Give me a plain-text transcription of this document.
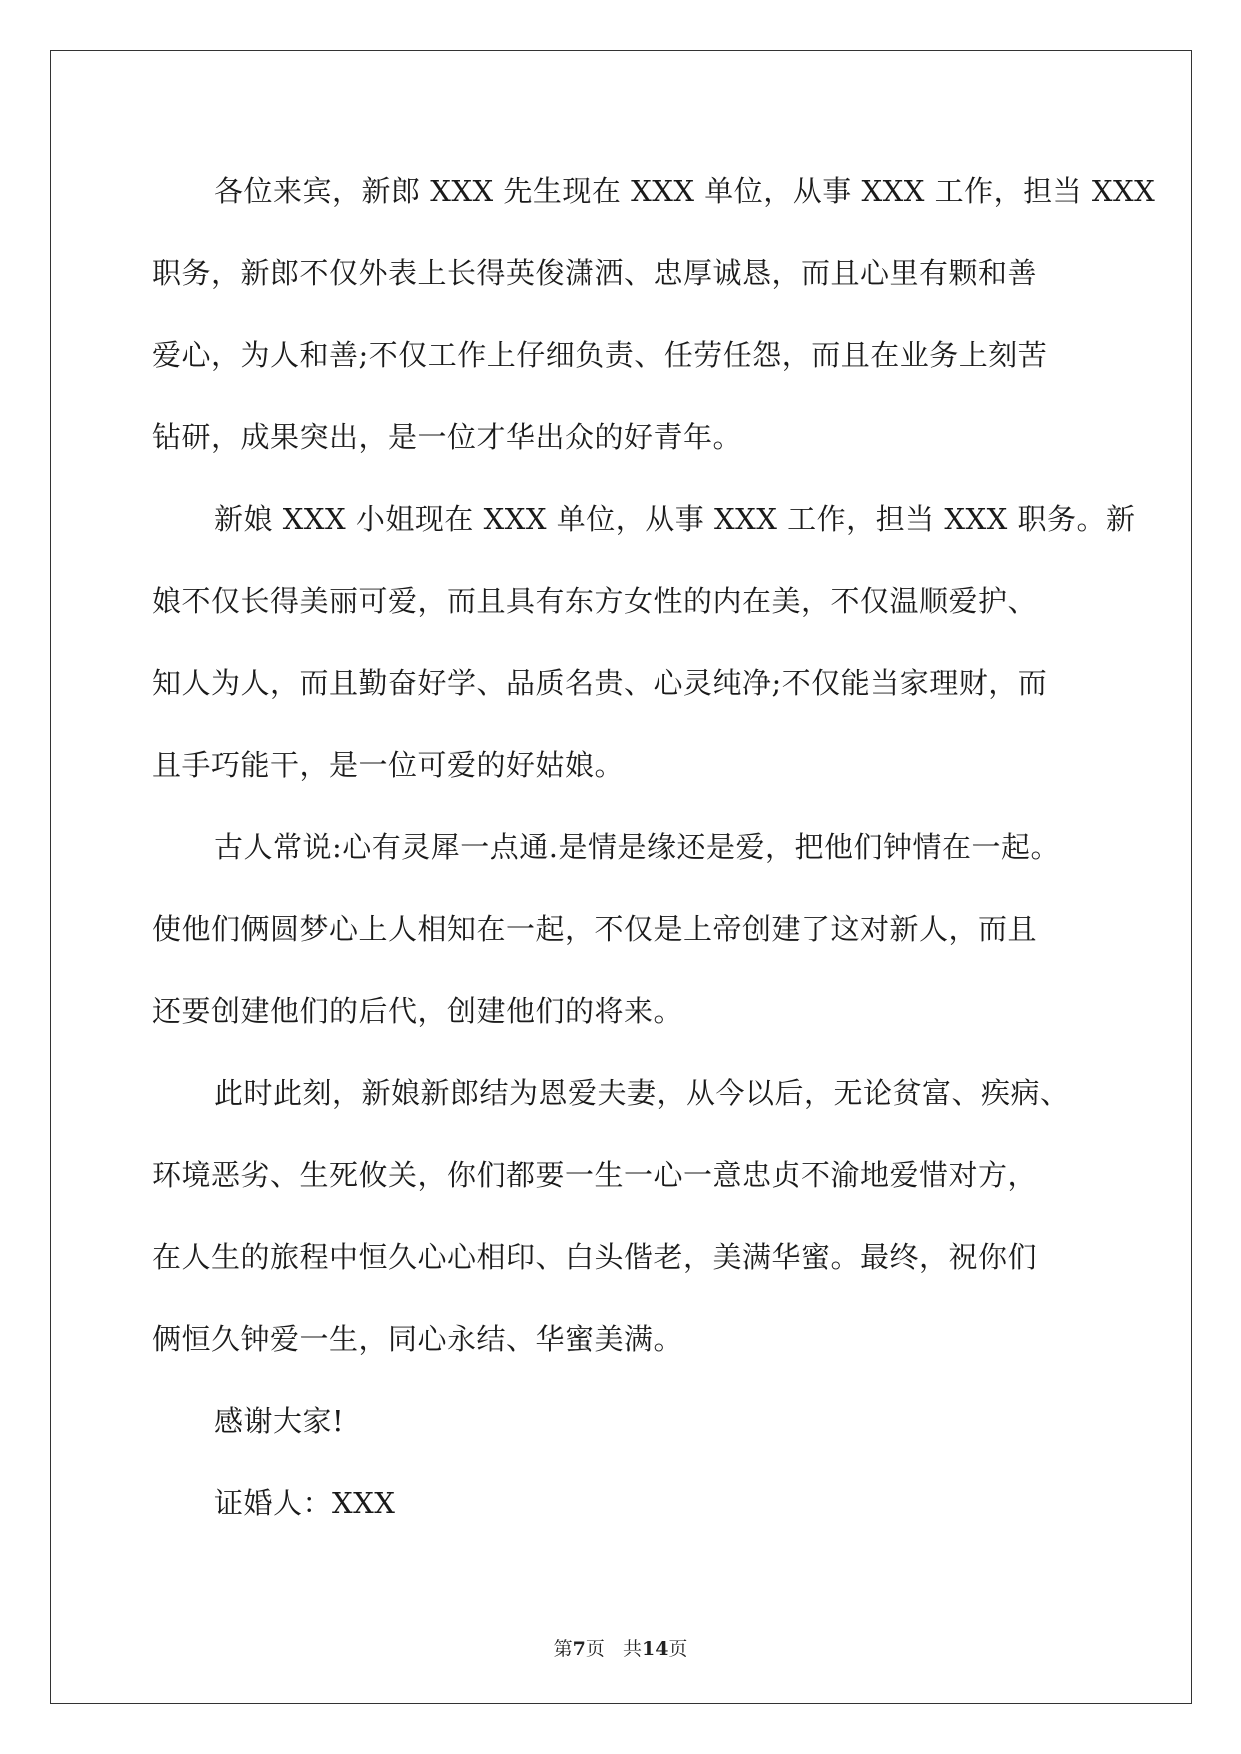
各位来宾，新郎 XXX 先生现在 XXX 单位，从事 XXX 工作，担当 XXX
职务，新郎不仅外表上长得英俊潇洒、忠厚诚恳，而且心里有颗和善
爱心，为人和善;不仅工作上仔细负责、任劳任怨，而且在业务上刻苦
钻研，成果突出，是一位才华出众的好青年。
新娘 XXX 小姐现在 XXX 单位，从事 XXX 工作，担当 XXX 职务。新
娘不仅长得美丽可爱，而且具有东方女性的内在美，不仅温顺爱护、
知人为人，而且勤奋好学、品质名贵、心灵纯净;不仅能当家理财，而
且手巧能干，是一位可爱的好姑娘。
古人常说:心有灵犀一点通.是情是缘还是爱，把他们钟情在一起。
使他们俩圆梦心上人相知在一起，不仅是上帝创建了这对新人，而且
还要创建他们的后代，创建他们的将来。
此时此刻，新娘新郎结为恩爱夫妻，从今以后，无论贫富、疾病、
环境恶劣、生死攸关，你们都要一生一心一意忠贞不渝地爱惜对方，
在人生的旅程中恒久心心相印、白头偕老，美满华蜜。最终，祝你们
俩恒久钟爱一生，同心永结、华蜜美满。
感谢大家!
证婚人：XXX
第7页 共14页
